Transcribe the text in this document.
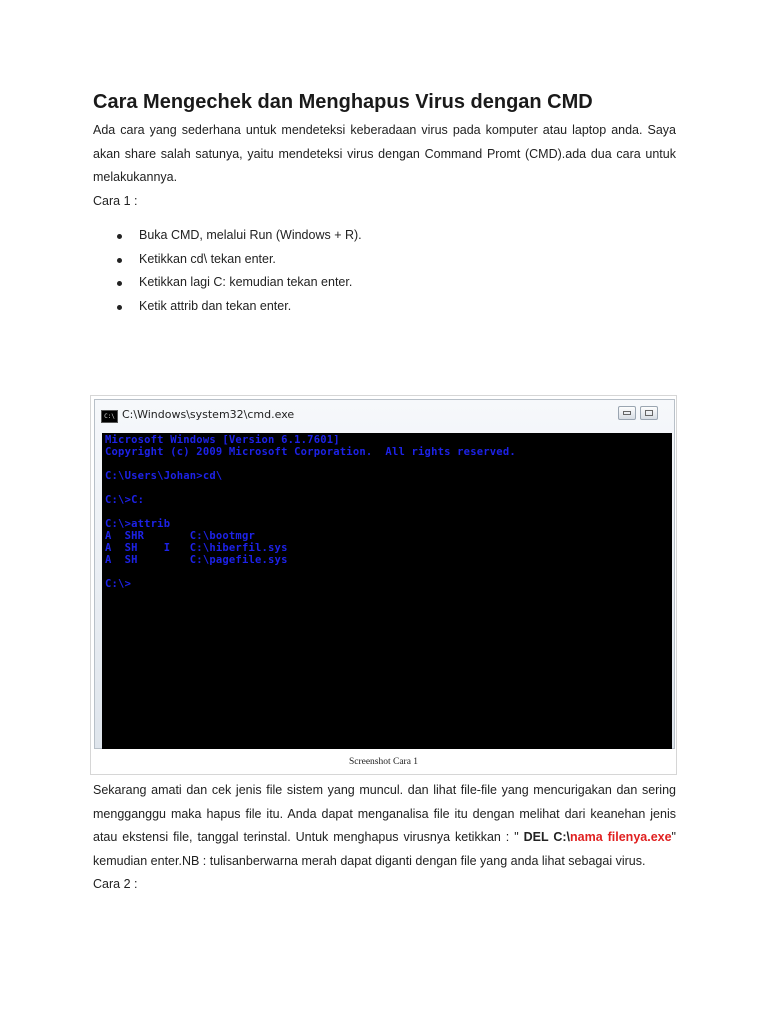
Cara Mengechek dan Menghapus Virus dengan CMD

Ada cara yang sederhana untuk mendeteksi keberadaan virus pada komputer atau laptop anda. Saya akan share salah satunya, yaitu mendeteksi virus dengan Command Promt (CMD).ada dua cara untuk melakukannya.

Cara 1 :

Buka CMD, melalui Run (Windows + R).
Ketikkan cd\ tekan enter.
Ketikkan lagi C: kemudian tekan enter.
Ketik attrib dan tekan enter.
C:\ C:\Windows\system32\cmd.exe
Microsoft Windows [Version 6.1.7601]
Copyright (c) 2009 Microsoft Corporation.  All rights reserved.
C:\Users\Johan>cd\
C:\>C:
C:\>attrib
A  SHR       C:\bootmgr
A  SH    I   C:\hiberfil.sys
A  SH        C:\pagefile.sys
C:\>
Screenshot Cara 1

Sekarang amati dan cek jenis file sistem yang muncul. dan lihat file-file yang mencurigakan dan sering mengganggu maka hapus file itu. Anda dapat menganalisa file itu dengan melihat dari keanehan jenis atau ekstensi file, tanggal terinstal. Untuk menghapus virusnya ketikkan : " DEL C:\nama filenya.exe" kemudian enter.NB : tulisanberwarna merah dapat diganti dengan file yang anda lihat sebagai virus.

Cara 2 :
